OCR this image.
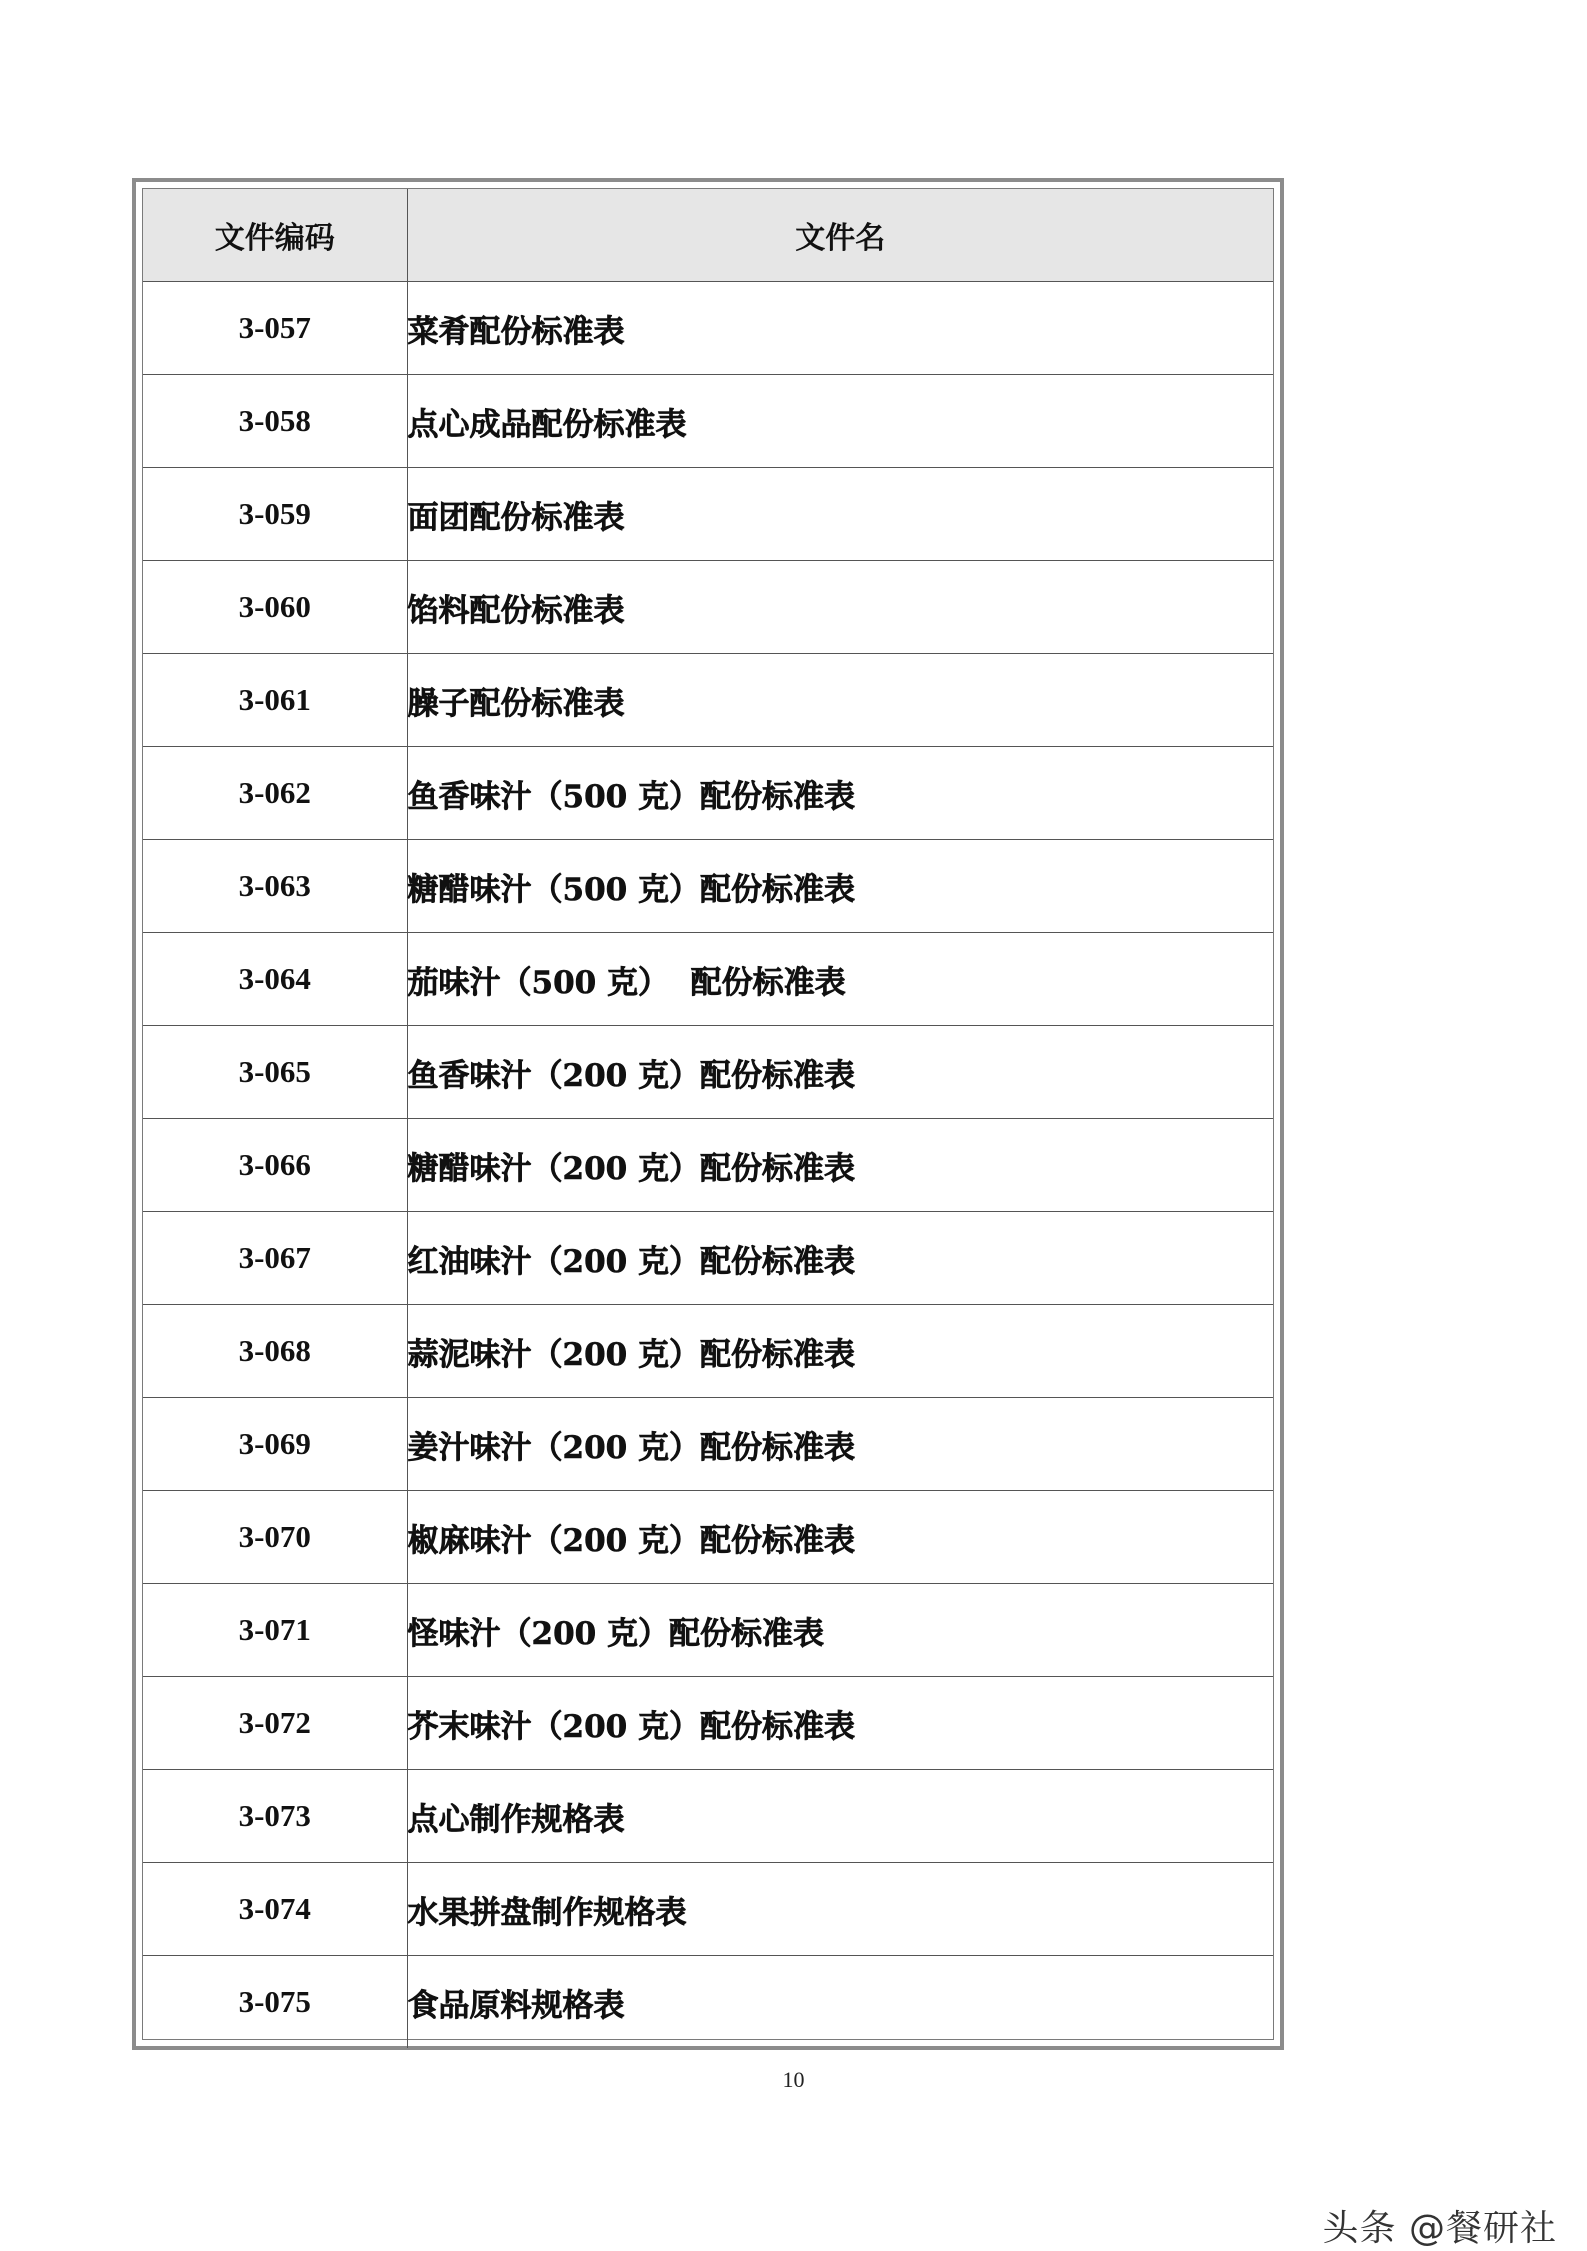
文件编码	文件名
3-057	菜肴配份标准表
3-058	点心成品配份标准表
3-059	面团配份标准表
3-060	馅料配份标准表
3-061	臊子配份标准表
3-062	鱼香味汁（500 克）配份标准表
3-063	糖醋味汁（500 克）配份标准表
3-064	茄味汁（500 克）  配份标准表
3-065	鱼香味汁（200 克）配份标准表
3-066	糖醋味汁（200 克）配份标准表
3-067	红油味汁（200 克）配份标准表
3-068	蒜泥味汁（200 克）配份标准表
3-069	姜汁味汁（200 克）配份标准表
3-070	椒麻味汁（200 克）配份标准表
3-071	怪味汁（200 克）配份标准表
3-072	芥末味汁（200 克）配份标准表
3-073	点心制作规格表
3-074	水果拼盘制作规格表
3-075	食品原料规格表
10
头条 @餐研社
